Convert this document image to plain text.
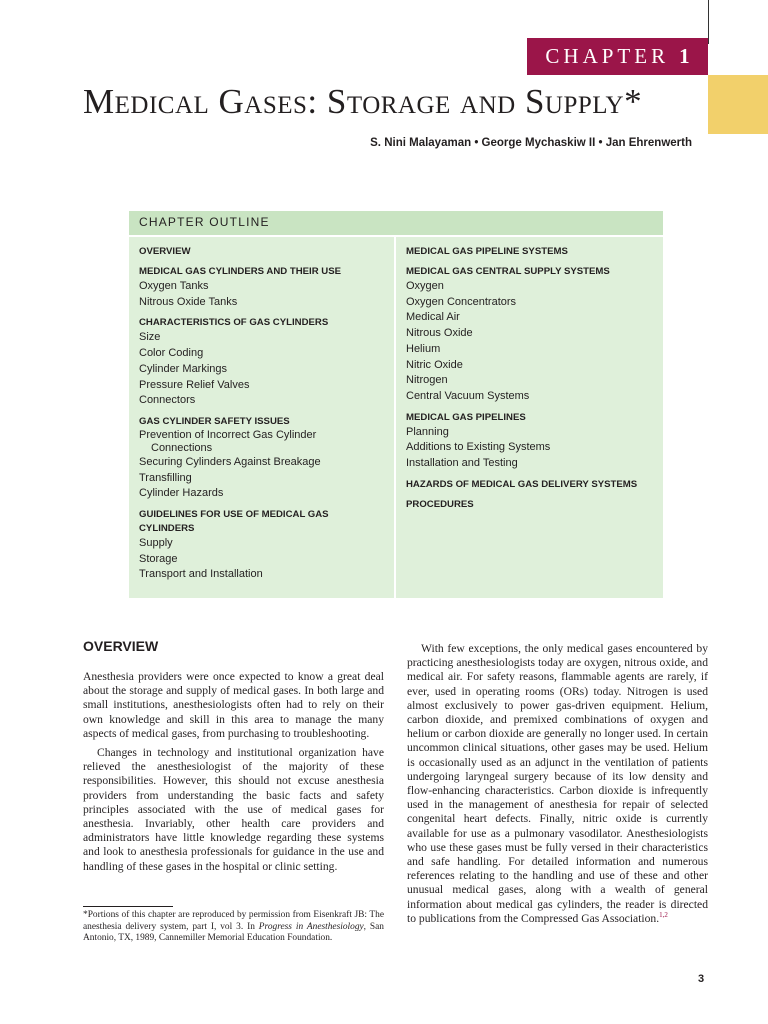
CHAPTER 1
Medical Gases: Storage and Supply*
S. Nini Malayaman • George Mychaskiw II • Jan Ehrenwerth
CHAPTER OUTLINE
OVERVIEW
MEDICAL GAS CYLINDERS AND THEIR USE
Oxygen Tanks
Nitrous Oxide Tanks
CHARACTERISTICS OF GAS CYLINDERS
Size
Color Coding
Cylinder Markings
Pressure Relief Valves
Connectors
GAS CYLINDER SAFETY ISSUES
Prevention of Incorrect Gas Cylinder
Connections
Securing Cylinders Against Breakage
Transfilling
Cylinder Hazards
GUIDELINES FOR USE OF MEDICAL GAS
CYLINDERS
Supply
Storage
Transport and Installation
MEDICAL GAS PIPELINE SYSTEMS
MEDICAL GAS CENTRAL SUPPLY SYSTEMS
Oxygen
Oxygen Concentrators
Medical Air
Nitrous Oxide
Helium
Nitric Oxide
Nitrogen
Central Vacuum Systems
MEDICAL GAS PIPELINES
Planning
Additions to Existing Systems
Installation and Testing
HAZARDS OF MEDICAL GAS DELIVERY SYSTEMS
PROCEDURES
OVERVIEW
Anesthesia providers were once expected to know a great deal about the storage and supply of medical gases. In both large and small institutions, anesthesiologists often had to rely on their own knowledge and skill in this area to manage the many aspects of medical gases, from purchasing to troubleshooting.
Changes in technology and institutional organization have relieved the anesthesiologist of the majority of these responsibilities. However, this should not excuse anesthesia providers from understanding the basic facts and safety principles associated with the use of medical gases for anesthesia. Invariably, other health care providers and administrators have little knowledge regarding these systems and look to anesthesia professionals for guidance in the use and handling of these gases in the hospital or clinic setting.
With few exceptions, the only medical gases encountered by practicing anesthesiologists today are oxygen, nitrous oxide, and medical air. For safety reasons, flammable agents are rarely, if ever, used in operating rooms (ORs) today. Nitrogen is used almost exclusively to power gas-driven equipment. Helium, carbon dioxide, and premixed combinations of oxygen and helium or carbon dioxide are generally no longer used. In certain uncommon clinical situations, other gases may be used. Helium is occasionally used as an adjunct in the ventilation of patients undergoing laryngeal surgery because of its low density and flow-enhancing characteristics. Carbon dioxide is infrequently used in the management of anesthesia for repair of selected congenital heart defects. Finally, nitric oxide is currently available for use as a pulmonary vasodilator. Anesthesiologists who use these gases must be fully versed in their characteristics and safe handling. For detailed information and numerous references relating to the handling and use of these and other unusual medical gases, along with a wealth of general information about medical gas cylinders, the reader is directed to publications from the Compressed Gas Association.$^{1,2}$
*Portions of this chapter are reproduced by permission from Eisenkraft JB: The anesthesia delivery system, part I, vol 3. In Progress in Anesthesiology, San Antonio, TX, 1989, Cannemiller Memorial Education Foundation.
3
